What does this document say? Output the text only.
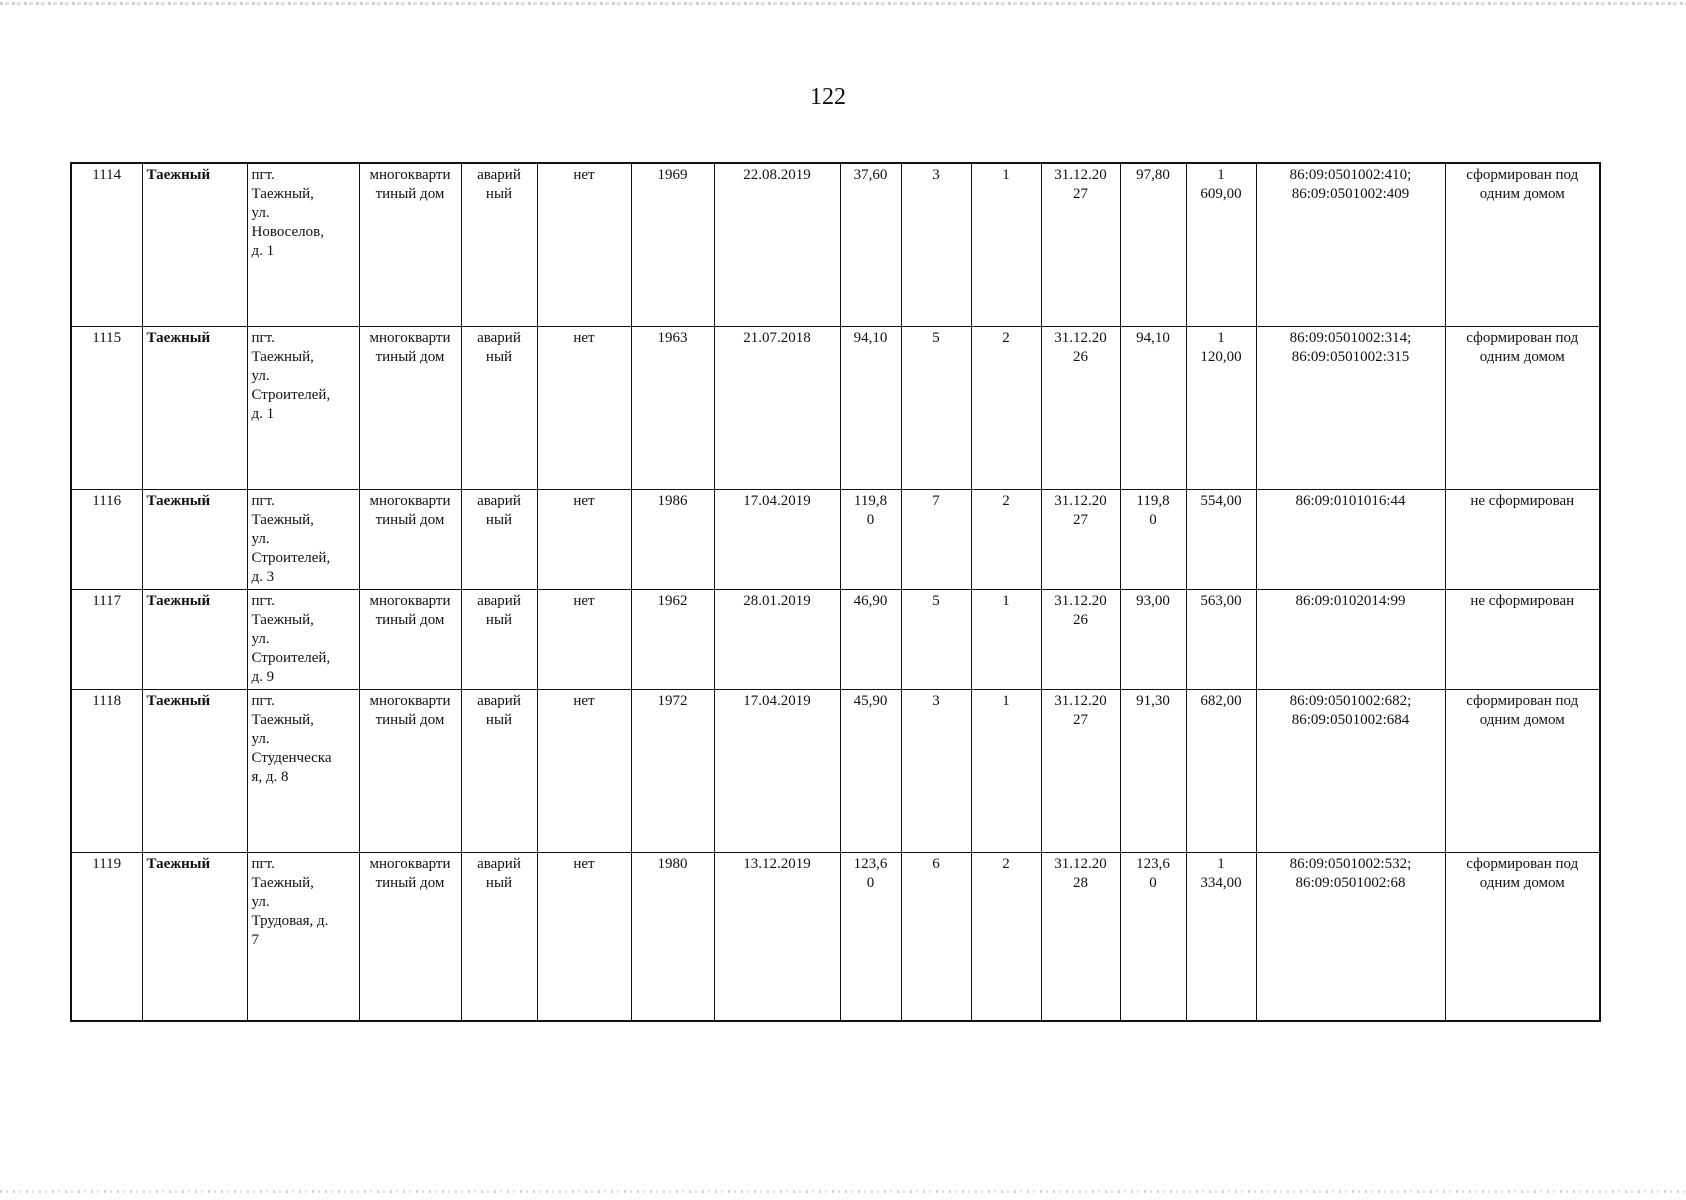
122
1114	Таежный	пгт.
Таежный,
ул.
Новоселов,
д. 1	многокварти
тиный дом	аварий
ный	нет	1969	22.08.2019	37,60	3	1	31.12.20
27	97,80	1
609,00	86:09:0501002:410;
86:09:0501002:409	сформирован под
одним домом
1115	Таежный	пгт.
Таежный,
ул.
Строителей,
д. 1	многокварти
тиный дом	аварий
ный	нет	1963	21.07.2018	94,10	5	2	31.12.20
26	94,10	1
120,00	86:09:0501002:314;
86:09:0501002:315	сформирован под
одним домом
1116	Таежный	пгт.
Таежный,
ул.
Строителей,
д. 3	многокварти
тиный дом	аварий
ный	нет	1986	17.04.2019	119,8
0	7	2	31.12.20
27	119,8
0	554,00	86:09:0101016:44	не сформирован
1117	Таежный	пгт.
Таежный,
ул.
Строителей,
д. 9	многокварти
тиный дом	аварий
ный	нет	1962	28.01.2019	46,90	5	1	31.12.20
26	93,00	563,00	86:09:0102014:99	не сформирован
1118	Таежный	пгт.
Таежный,
ул.
Студенческа
я, д. 8	многокварти
тиный дом	аварий
ный	нет	1972	17.04.2019	45,90	3	1	31.12.20
27	91,30	682,00	86:09:0501002:682;
86:09:0501002:684	сформирован под
одним домом
1119	Таежный	пгт.
Таежный,
ул.
Трудовая, д.
7	многокварти
тиный дом	аварий
ный	нет	1980	13.12.2019	123,6
0	6	2	31.12.20
28	123,6
0	1
334,00	86:09:0501002:532;
86:09:0501002:68	сформирован под
одним домом
